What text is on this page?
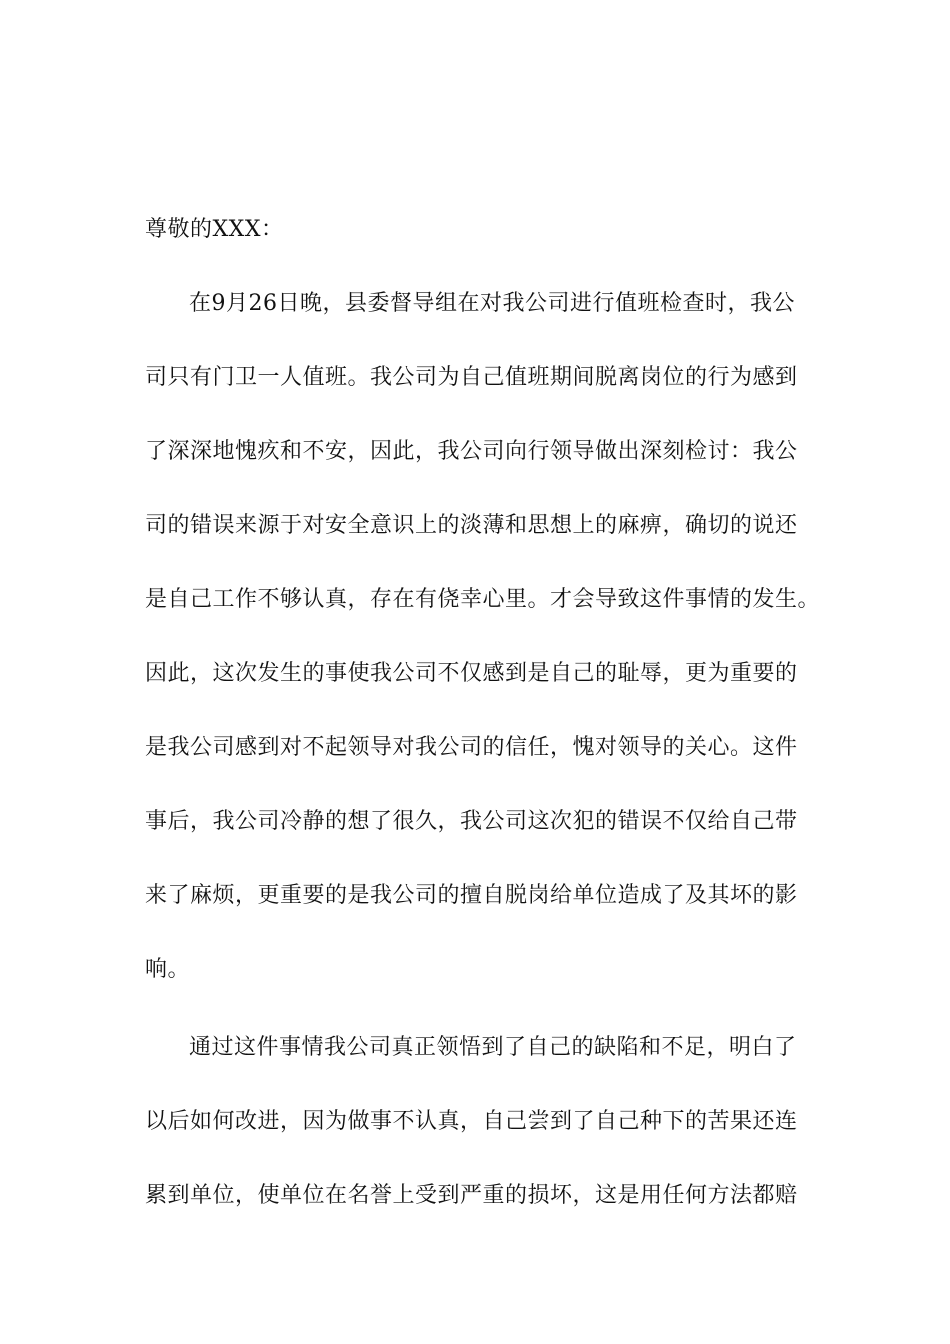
尊敬的XXX：
在9月26日晚，县委督导组在对我公司进行值班检查时，我公
司只有门卫一人值班。我公司为自己值班期间脱离岗位的行为感到
了深深地愧疚和不安，因此，我公司向行领导做出深刻检讨：我公
司的错误来源于对安全意识上的淡薄和思想上的麻痹，确切的说还
是自己工作不够认真，存在有侥幸心里。才会导致这件事情的发生。
因此，这次发生的事使我公司不仅感到是自己的耻辱，更为重要的
是我公司感到对不起领导对我公司的信任，愧对领导的关心。这件
事后，我公司冷静的想了很久，我公司这次犯的错误不仅给自己带
来了麻烦，更重要的是我公司的擅自脱岗给单位造成了及其坏的影
响。
通过这件事情我公司真正领悟到了自己的缺陷和不足，明白了
以后如何改进，因为做事不认真，自己尝到了自己种下的苦果还连
累到单位，使单位在名誉上受到严重的损坏，这是用任何方法都赔
